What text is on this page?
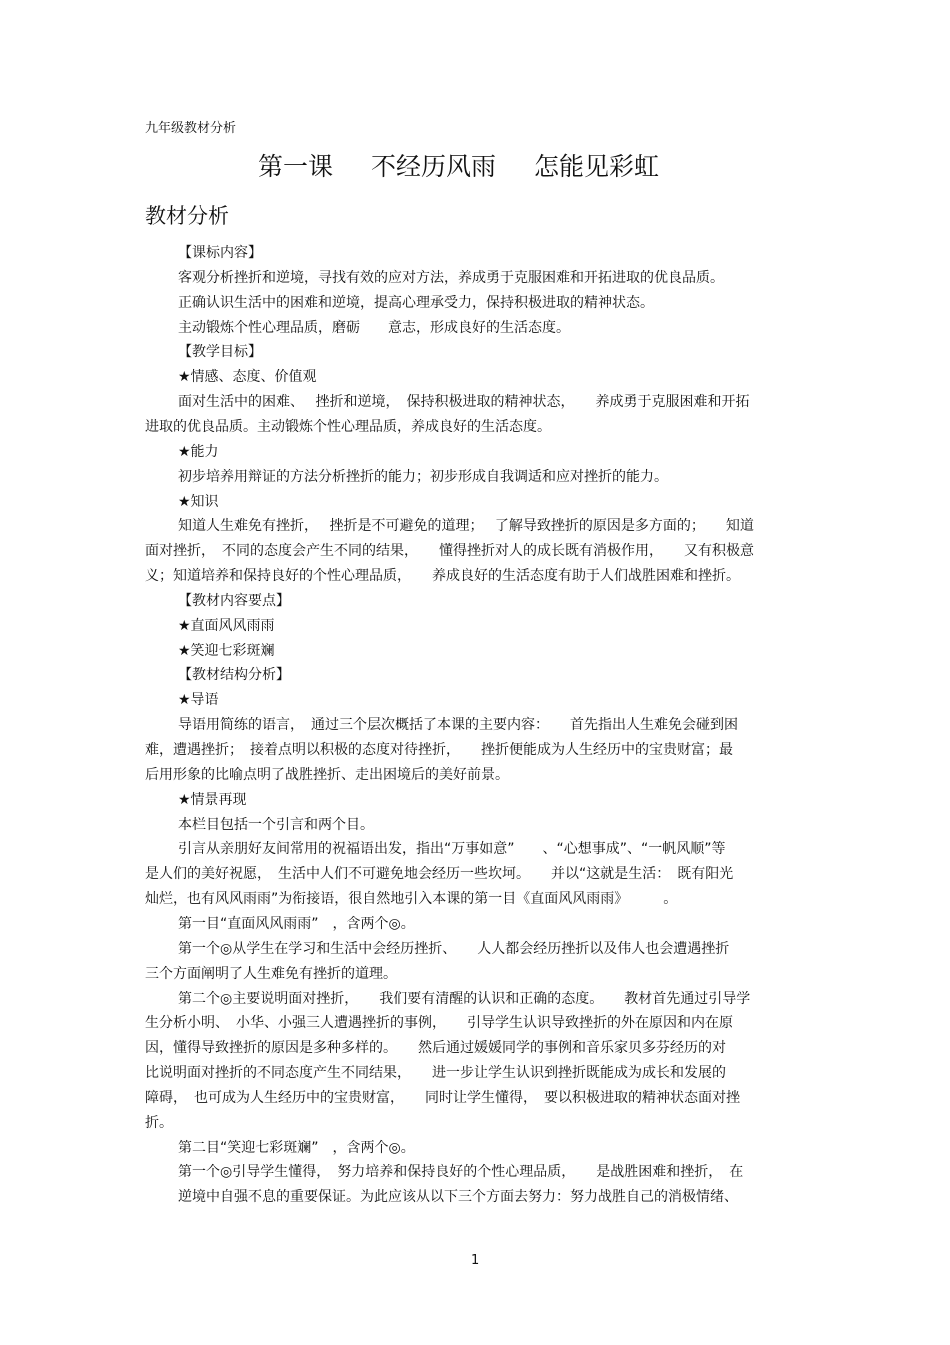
九年级教材分析
第一课 不经历风雨 怎能见彩虹
教材分析
【课标内容】
客观分析挫折和逆境，寻找有效的应对方法，养成勇于克服困难和开拓进取的优良品质。
正确认识生活中的困难和逆境，提高心理承受力，保持积极进取的精神状态。
主动锻炼个性心理品质，磨砺　　意志，形成良好的生活态度。
【教学目标】
★情感、态度、价值观
面对生活中的困难、　 挫折和逆境，　保持积极进取的精神状态，　　养成勇于克服困难和开拓
进取的优良品质。主动锻炼个性心理品质，养成良好的生活态度。
★能力
初步培养用辩证的方法分析挫折的能力；初步形成自我调适和应对挫折的能力。
★知识
知道人生难免有挫折，　 挫折是不可避免的道理；　 了解导致挫折的原因是多方面的；　　知道
面对挫折，　不同的态度会产生不同的结果，　　懂得挫折对人的成长既有消极作用，　　又有积极意
义；知道培养和保持良好的个性心理品质，　　养成良好的生活态度有助于人们战胜困难和挫折。
【教材内容要点】
★直面风风雨雨
★笑迎七彩斑斓
【教材结构分析】
★导语
导语用简练的语言，　通过三个层次概括了本课的主要内容：　　首先指出人生难免会碰到困
难，遭遇挫折；　接着点明以积极的态度对待挫折，　　挫折便能成为人生经历中的宝贵财富；最
后用形象的比喻点明了战胜挫折、走出困境后的美好前景。
★情景再现
本栏目包括一个引言和两个目。
引言从亲朋好友间常用的祝福语出发，指出“万事如意”　　、“心想事成”、“一帆风顺”等
是人们的美好祝愿，　生活中人们不可避免地会经历一些坎坷。　　并以“这就是生活：　既有阳光
灿烂，也有风风雨雨”为衔接语，很自然地引入本课的第一目《直面风风雨雨》　　　。
第一目“直面风风雨雨”　，含两个◎。
第一个◎从学生在学习和生活中会经历挫折、　　人人都会经历挫折以及伟人也会遭遇挫折
三个方面阐明了人生难免有挫折的道理。
第二个◎主要说明面对挫折，　　我们要有清醒的认识和正确的态度。　　教材首先通过引导学
生分析小明、　小华、小强三人遭遇挫折的事例，　　引导学生认识导致挫折的外在原因和内在原
因，懂得导致挫折的原因是多种多样的。　　然后通过媛媛同学的事例和音乐家贝多芬经历的对
比说明面对挫折的不同态度产生不同结果，　　进一步让学生认识到挫折既能成为成长和发展的
障碍，　也可成为人生经历中的宝贵财富，　　同时让学生懂得，　要以积极进取的精神状态面对挫
折。
第二目“笑迎七彩斑斓”　，含两个◎。
第一个◎引导学生懂得，　努力培养和保持良好的个性心理品质，　　是战胜困难和挫折，　在
逆境中自强不息的重要保证。为此应该从以下三个方面去努力：努力战胜自己的消极情绪、
1
